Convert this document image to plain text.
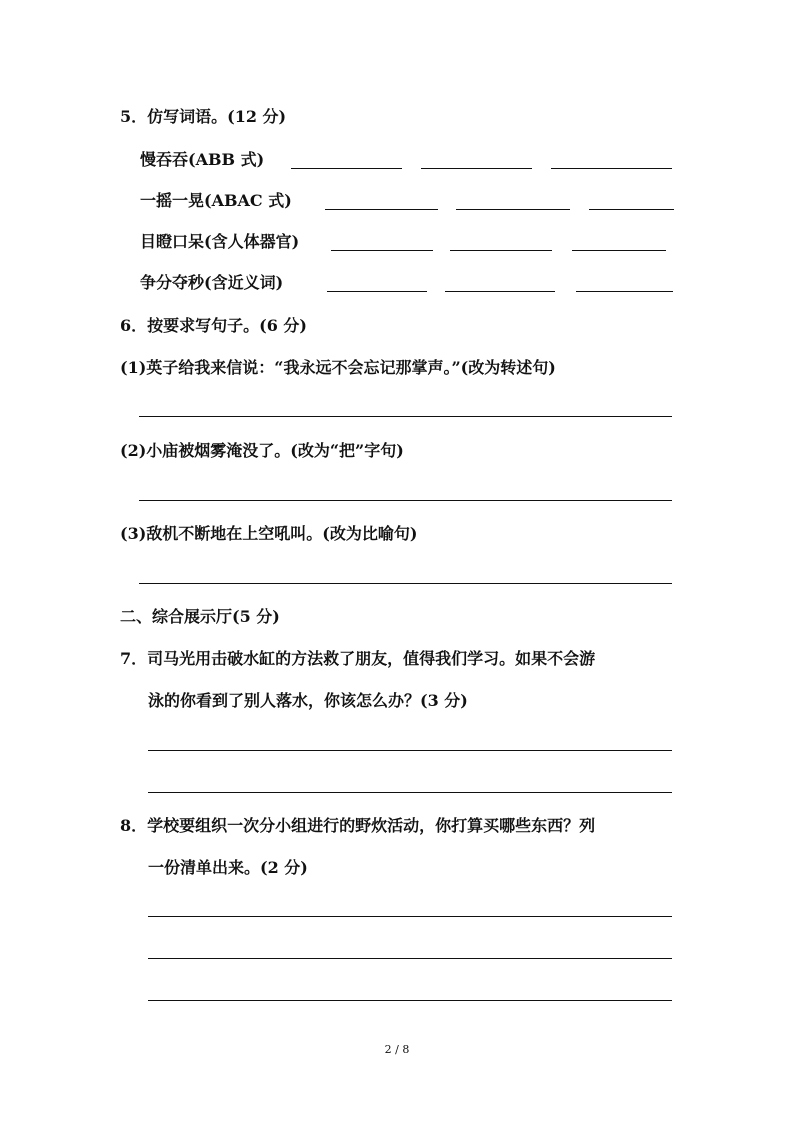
5．仿写词语。(12 分)
慢吞吞(ABB 式)
一摇一晃(ABAC 式)
目瞪口呆(含人体器官)
争分夺秒(含近义词)
6．按要求写句子。(6 分)
(1)英子给我来信说：“我永远不会忘记那掌声。”(改为转述句)
(2)小庙被烟雾淹没了。(改为“把”字句)
(3)敌机不断地在上空吼叫。(改为比喻句)
二、综合展示厅(5 分)
7．司马光用击破水缸的方法救了朋友，值得我们学习。如果不会游
泳的你看到了别人落水，你该怎么办？(3 分)
8．学校要组织一次分小组进行的野炊活动，你打算买哪些东西？列
一份清单出来。(2 分)
2 / 8
